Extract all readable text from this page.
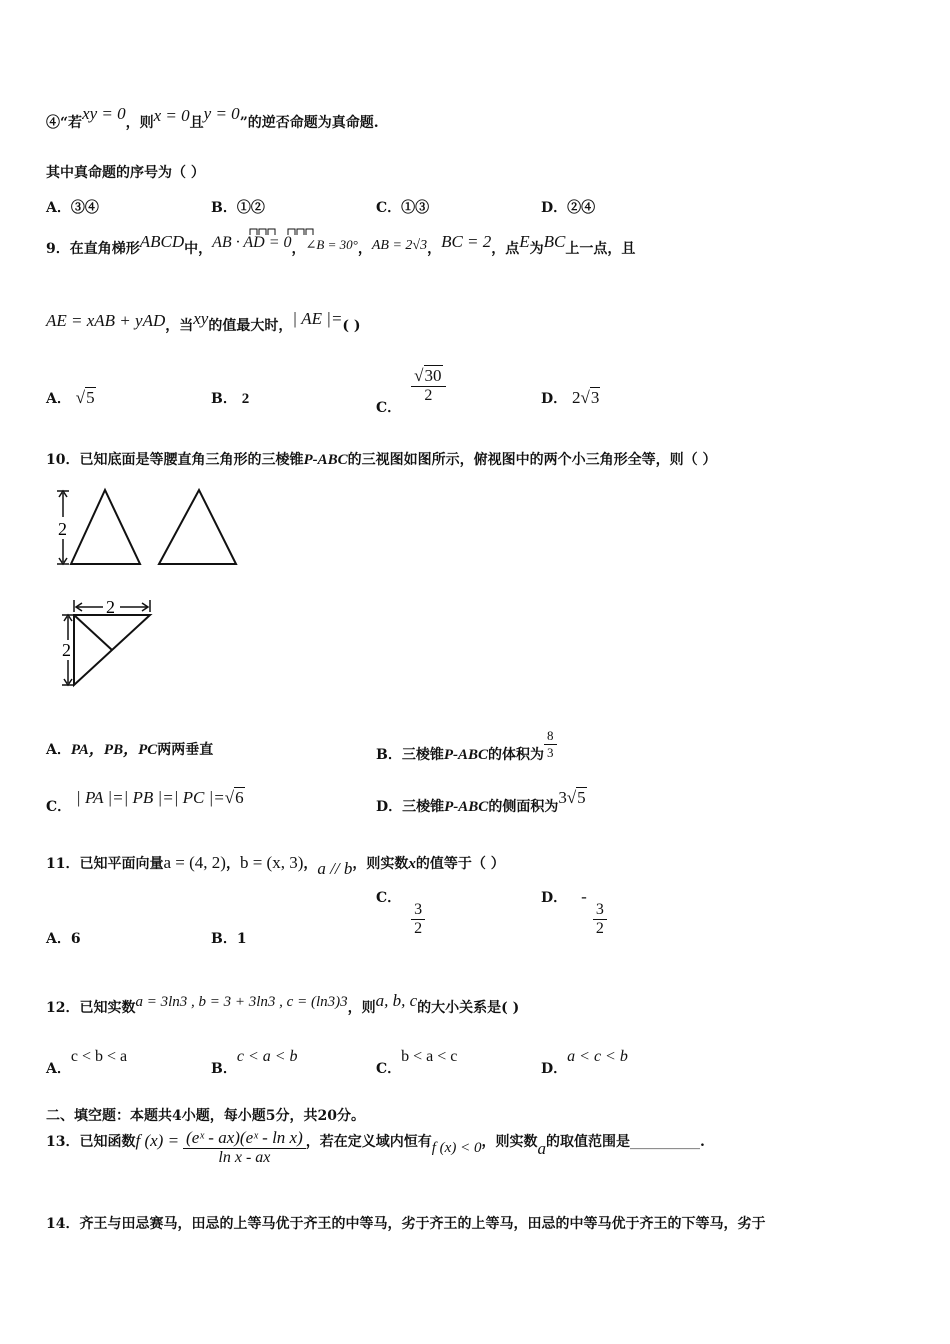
④“若xy = 0，则x = 0且y = 0”的逆否命题为真命题.
其中真命题的序号为（ ）
A．③④	B．①②	C．①③	D．②④
9．在直角梯形ABCD中，AB · AD = 0，∠B = 30°，AB = 2√3，BC = 2，点E为BC上一点，且
AE = xAB + yAD，当xy的值最大时，| AE |=( )
A． √5	B． 2
C．
$\frac{√30}{2}$	D． 2√3
10．已知底面是等腰直角三角形的三棱锥P-ABC的三视图如图所示，俯视图中的两个小三角形全等，则（ ）
2
2
2
A．PA，PB，PC两两垂直	B．三棱锥P-ABC的体积为 $\frac{8}{3}$
C． | PA |=| PB |=| PC |=√6	D．三棱锥P-ABC的侧面积为3√5
11．已知平面向量a = (4, 2)，b = (x, 3)，a // b，则实数x的值等于（ ）
A．6	B．1
C．
$\frac{3}{2}$
D． -
$\frac{3}{2}$
12．已知实数a = 3ln3 , b = 3 + 3ln3 , c = (ln3)3，则a, b, c的大小关系是( )
A．c < b < a
B．c < a < b
C．b < a < c
D．a < c < b
二、填空题：本题共4小题，每小题5分，共20分。
13．已知函数f $(x) = \frac{\text{(eˣ - ax)(eˣ - ln x)}}{\text{ln x - ax}}$ ，若在定义域内恒有f (x) < 0，则实数a的取值范围是__________.
14．齐王与田忌赛马，田忌的上等马优于齐王的中等马，劣于齐王的上等马，田忌的中等马优于齐王的下等马，劣于
